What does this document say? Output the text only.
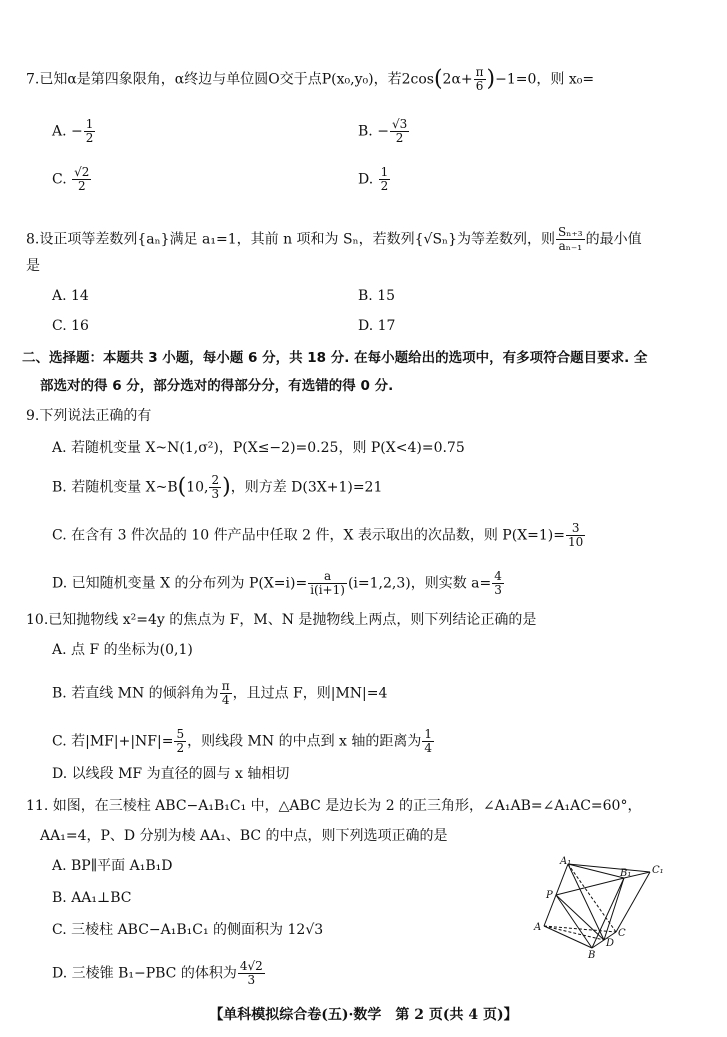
7.已知α是第四象限角，α终边与单位圆O交于点P(x₀,y₀)，若$2\cos(2\alpha+ \frac{\pi}{6} )-1=0$，则 x₀=
A. − $\frac{1}{2}$	B. − $\frac{√3}{2}$
C. $\frac{√2}{2}$	D. $\frac{1}{2}$
8.设正项等差数列{aₙ}满足 a₁=1，其前 n 项和为 Sₙ，若数列{√Sₙ}为等差数列，则 $\frac{\text{Sₙ₊₃}}{\text{aₙ₋₁}}$ 的最小值
是
A. 14	B. 15
C. 16	D. 17
二、选择题：本题共 3 小题，每小题 6 分，共 18 分. 在每小题给出的选项中，有多项符合题目要求. 全
部选对的得 6 分，部分选对的得部分分，有选错的得 0 分.
9.下列说法正确的有
A. 若随机变量 X~N(1,σ²)，P(X≤−2)=0.25，则 P(X<4)=0.75
B. 若随机变量 X~B(10, $\frac{2}{3}$ )，则方差 D(3X+1)=21
C. 在含有 3 件次品的 10 件产品中任取 2 件，X 表示取出的次品数，则 $P(X=1)= \frac{3}{10}$
D. 已知随机变量 X 的分布列为 $P(X=i)= \frac{a}{i(i+1)} (i=1,2,3)$，则实数 $a= \frac{4}{3}$
10.已知抛物线 x²=4y 的焦点为 F，M、N 是抛物线上两点，则下列结论正确的是
A. 点 F 的坐标为(0,1)
B. 若直线 MN 的倾斜角为 $\frac{\pi}{4}$ ，且过点 F，则|MN|=4
C. 若$|MF|+|NF|= \frac{5}{2}$ ，则线段 MN 的中点到 x 轴的距离为 $\frac{1}{4}$
D. 以线段 MF 为直径的圆与 x 轴相切
11. 如图，在三棱柱 ABC−A₁B₁C₁ 中，△ABC 是边长为 2 的正三角形，∠A₁AB=∠A₁AC=60°，
AA₁=4，P、D 分别为棱 AA₁、BC 的中点，则下列选项正确的是
A. BP∥平面 A₁B₁D
B. AA₁⊥BC
C. 三棱柱 ABC−A₁B₁C₁ 的侧面积为 12√3
D. 三棱锥 B₁−PBC 的体积为 $\frac{4√2}{3}$
A₁
B₁ C₁
P
A
C
D
B
【单科模拟综合卷(五)·数学　第 2 页(共 4 页)】
